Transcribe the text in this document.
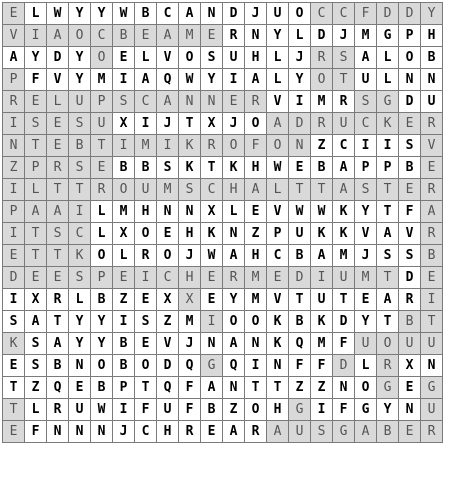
E	L	W	Y	Y	W	B	C	A	N	D	J	U	O	C	C	F	D	D	Y
V	I	A	O	C	B	E	A	M	E	R	N	Y	L	D	J	M	G	P	H
A	Y	D	Y	O	E	L	V	O	S	U	H	L	J	R	S	A	L	O	B
P	F	V	Y	M	I	A	Q	W	Y	I	A	L	Y	O	T	U	L	N	N
R	E	L	U	P	S	C	A	N	N	E	R	V	I	M	R	S	G	D	U
I	S	E	S	U	X	I	J	T	X	J	O	A	D	R	U	C	K	E	R
N	T	E	B	T	I	M	I	K	R	O	F	O	N	Z	C	I	I	S	V
Z	P	R	S	E	B	B	S	K	T	K	H	W	E	B	A	P	P	B	E
I	L	T	T	R	O	U	M	S	C	H	A	L	T	T	A	S	T	E	R
P	A	A	I	L	M	H	N	N	X	L	E	V	W	W	K	Y	T	F	A
I	T	S	C	L	X	O	E	H	K	N	Z	P	U	K	K	V	A	V	R
E	T	T	K	O	L	R	O	J	W	A	H	C	B	A	M	J	S	S	B
D	E	E	S	P	E	I	C	H	E	R	M	E	D	I	U	M	T	D	E
I	X	R	L	B	Z	E	X	X	E	Y	M	V	T	U	T	E	A	R	I
S	A	T	Y	Y	I	S	Z	M	I	O	O	K	B	K	D	Y	T	B	T
K	S	A	Y	Y	B	E	V	J	N	A	N	K	Q	M	F	U	O	U	U
E	S	B	N	O	B	O	D	Q	G	Q	I	N	F	F	D	L	R	X	N
T	Z	Q	E	B	P	T	Q	F	A	N	T	T	Z	Z	N	O	G	E	G
T	L	R	U	W	I	F	U	F	B	Z	O	H	G	I	F	G	Y	N	U
E	F	N	N	N	J	C	H	R	E	A	R	A	U	S	G	A	B	E	R
